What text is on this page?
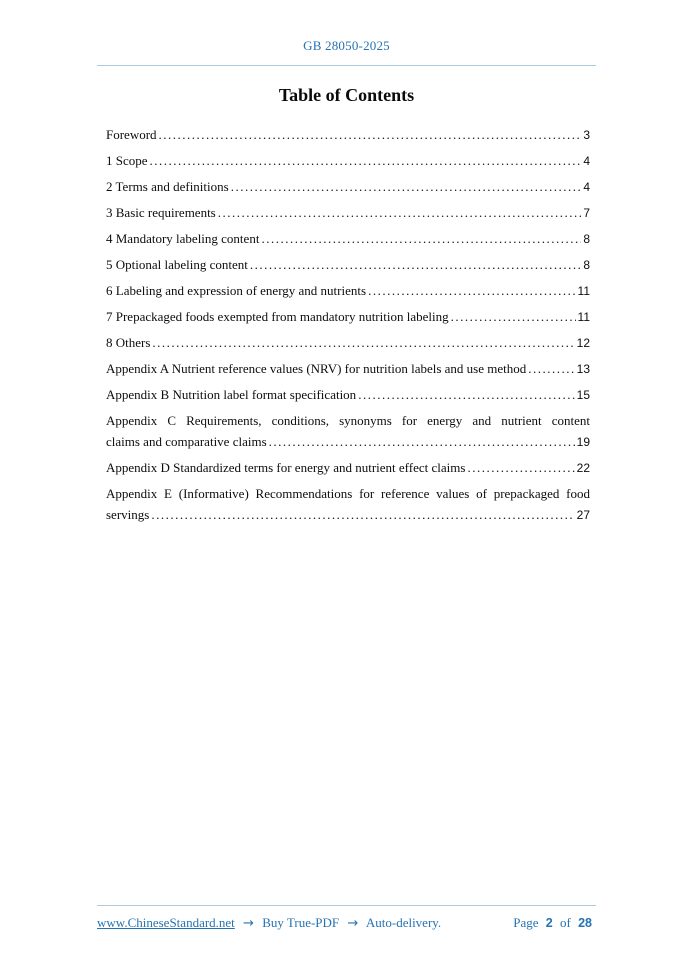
GB 28050-2025
Table of Contents
Foreword .....	3
1 Scope .....	4
2 Terms and definitions .....	4
3 Basic requirements .....	7
4 Mandatory labeling content .....	8
5 Optional labeling content .....	8
6 Labeling and expression of energy and nutrients .....	11
7 Prepackaged foods exempted from mandatory nutrition labeling .....	11
8 Others .....	12
Appendix A Nutrient reference values (NRV) for nutrition labels and use method .....	13
Appendix B Nutrition label format specification .....	15
Appendix C Requirements, conditions, synonyms for energy and nutrient content
claims and comparative claims .....	19
Appendix D Standardized terms for energy and nutrient effect claims .....	22
Appendix E (Informative) Recommendations for reference values of prepackaged food
servings .....	27
www.ChineseStandard.net → Buy True-PDF → Auto-delivery.	Page 2 of 28
